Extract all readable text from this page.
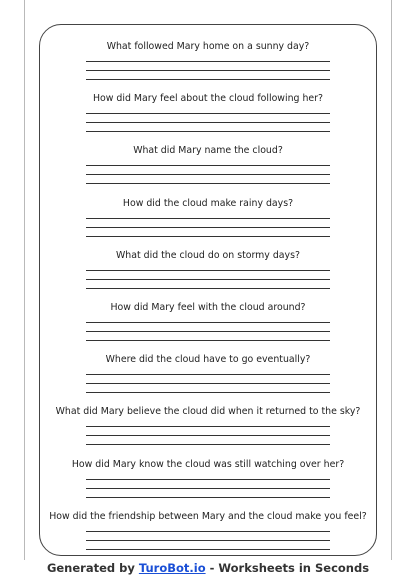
What followed Mary home on a sunny day?
How did Mary feel about the cloud following her?
What did Mary name the cloud?
How did the cloud make rainy days?
What did the cloud do on stormy days?
How did Mary feel with the cloud around?
Where did the cloud have to go eventually?
What did Mary believe the cloud did when it returned to the sky?
How did Mary know the cloud was still watching over her?
How did the friendship between Mary and the cloud make you feel?
Generated by TuroBot.io - Worksheets in Seconds
